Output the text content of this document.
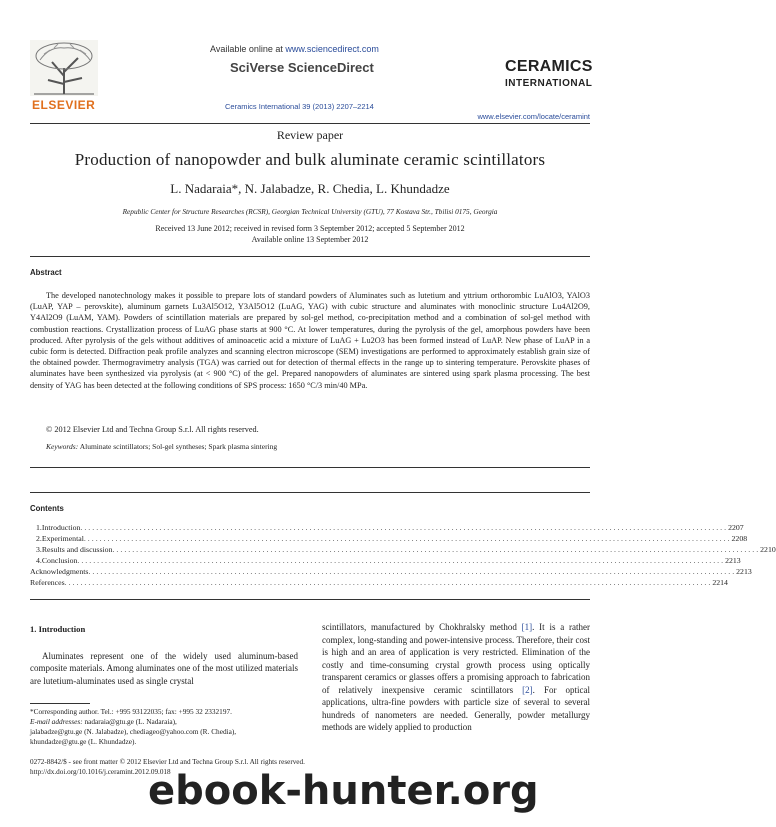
ELSEVIER
Available online at www.sciencedirect.com
SciVerse ScienceDirect
Ceramics International 39 (2013) 2207–2214
CERAMICS
INTERNATIONAL
www.elsevier.com/locate/ceramint
Review paper
Production of nanopowder and bulk aluminate ceramic scintillators
L. Nadaraia*, N. Jalabadze, R. Chedia, L. Khundadze
Republic Center for Structure Researches (RCSR), Georgian Technical University (GTU), 77 Kostava Str., Tbilisi 0175, Georgia
Received 13 June 2012; received in revised form 3 September 2012; accepted 5 September 2012
Available online 13 September 2012
Abstract
The developed nanotechnology makes it possible to prepare lots of standard powders of Aluminates such as lutetium and yttrium orthorombic LuAlO3, YAlO3 (LuAP, YAP – perovskite), aluminum garnets Lu3Al5O12, Y3Al5O12 (LuAG, YAG) with cubic structure and aluminates with monoclinic structure Lu4Al2O9, Y4Al2O9 (LuAM, YAM). Powders of scintillation materials are prepared by sol-gel method, co-precipitation method and a combination of sol-gel method with combustion reactions. Crystallization process of LuAG phase starts at 900 °C. At lower temperatures, during the pyrolysis of the gel, amorphous powders have been produced. After pyrolysis of the gels without additives of aminoacetic acid a mixture of LuAG + Lu2O3 has been formed instead of LuAP. New phase of LuAP in a cubic form is detected. Diffraction peak profile analyzes and scanning electron microscope (SEM) investigations are performed to approximately establish grain size of the obtained powder. Thermogravimetry analysis (TGA) was carried out for detection of thermal effects in the range up to sintering temperature. Perovskite phases of aluminates have been synthesized via pyrolysis (at < 900 °C) of the gel. Prepared nanopowders of aluminates are sintered using spark plasma processing. The best density of YAG has been detected at the following conditions of SPS process: 1650 °C/3 min/40 MPa.
© 2012 Elsevier Ltd and Techna Group S.r.l. All rights reserved.
Keywords: Aluminate scintillators; Sol-gel syntheses; Spark plasma sintering
Contents
1. Introduction .................................................................................................................................................................... 2207
2. Experimental .................................................................................................................................................................... 2208
3. Results and discussion .................................................................................................................................................................... 2210
4. Conclusion .................................................................................................................................................................... 2213
Acknowledgments .................................................................................................................................................................... 2213
References .................................................................................................................................................................... 2214
1. Introduction
Aluminates represent one of the widely used aluminum-based composite materials. Among aluminates one of the most utilized materials are lutetium-aluminates used as single crystal
scintillators, manufactured by Chokhralsky method [1]. It is a rather complex, long-standing and power-intensive process. Therefore, their cost is high and an area of application is very restricted. Elimination of the costly and time-consuming crystal growth process using optically transparent ceramics or glasses offers a promising approach to fabrication of relatively inexpensive ceramic scintillators [2]. For optical applications, ultra-fine powders with particle size of several to several hundreds of nanometers are needed. Generally, powder metallurgy methods are widely applied to production
*Corresponding author. Tel.: +995 93122035; fax: +995 32 2332197.
E-mail addresses: nadaraia@gtu.ge (L. Nadaraia),
jalabadze@gtu.ge (N. Jalabadze), chediageo@yahoo.com (R. Chedia),
khundadze@gtu.ge (L. Khundadze).
0272-8842/$ - see front matter © 2012 Elsevier Ltd and Techna Group S.r.l. All rights reserved.
http://dx.doi.org/10.1016/j.ceramint.2012.09.018
ebook-hunter.org
